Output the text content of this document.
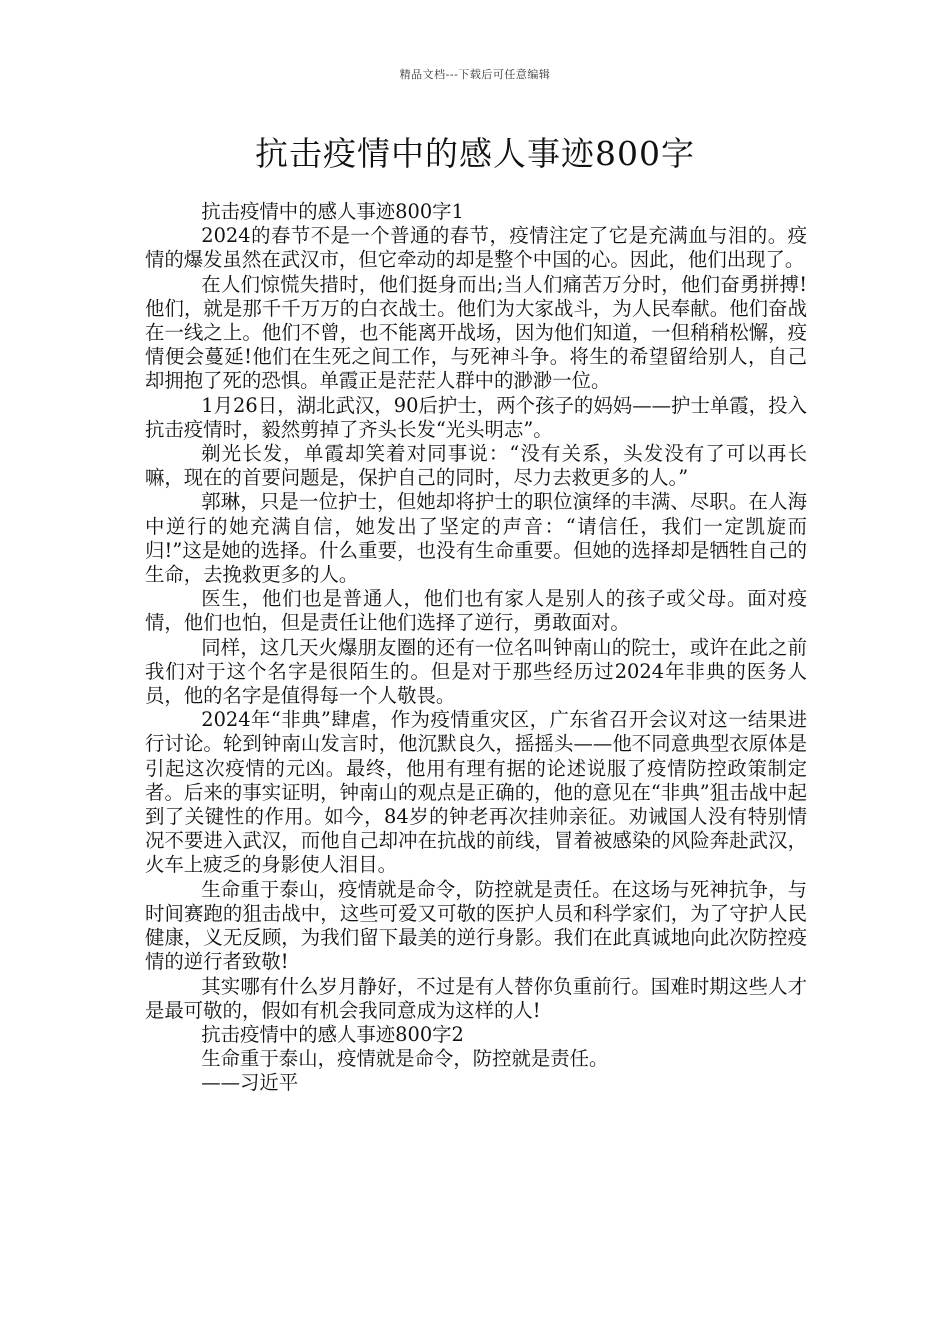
精品文档---下载后可任意编辑
抗击疫情中的感人事迹800字

抗击疫情中的感人事迹800字1

2024的春节不是一个普通的春节，疫情注定了它是充满血与泪的。疫情的爆发虽然在武汉市，但它牵动的却是整个中国的心。因此，他们出现了。

在人们惊慌失措时，他们挺身而出;当人们痛苦万分时，他们奋勇拼搏!他们，就是那千千万万的白衣战士。他们为大家战斗，为人民奉献。他们奋战在一线之上。他们不曾，也不能离开战场，因为他们知道，一但稍稍松懈，疫情便会蔓延!他们在生死之间工作，与死神斗争。将生的希望留给别人，自己却拥抱了死的恐惧。单霞正是茫茫人群中的渺渺一位。

1月26日，湖北武汉，90后护士，两个孩子的妈妈——护士单霞，投入抗击疫情时，毅然剪掉了齐头长发“光头明志”。

剃光长发，单霞却笑着对同事说：“没有关系，头发没有了可以再长嘛，现在的首要问题是，保护自己的同时，尽力去救更多的人。”

郭琳，只是一位护士，但她却将护士的职位演绎的丰满、尽职。在人海中逆行的她充满自信，她发出了坚定的声音：“请信任，我们一定凯旋而归!”这是她的选择。什么重要，也没有生命重要。但她的选择却是牺牲自己的生命，去挽救更多的人。

医生，他们也是普通人，他们也有家人是别人的孩子或父母。面对疫情，他们也怕，但是责任让他们选择了逆行，勇敢面对。

同样，这几天火爆朋友圈的还有一位名叫钟南山的院士，或许在此之前我们对于这个名字是很陌生的。但是对于那些经历过2024年非典的医务人员，他的名字是值得每一个人敬畏。

2024年“非典”肆虐，作为疫情重灾区，广东省召开会议对这一结果进行讨论。轮到钟南山发言时，他沉默良久，摇摇头——他不同意典型衣原体是引起这次疫情的元凶。最终，他用有理有据的论述说服了疫情防控政策制定者。后来的事实证明，钟南山的观点是正确的，他的意见在“非典”狙击战中起到了关键性的作用。如今，84岁的钟老再次挂帅亲征。劝诫国人没有特别情况不要进入武汉，而他自己却冲在抗战的前线，冒着被感染的风险奔赴武汉，火车上疲乏的身影使人泪目。

生命重于泰山，疫情就是命令，防控就是责任。在这场与死神抗争，与时间赛跑的狙击战中，这些可爱又可敬的医护人员和科学家们，为了守护人民健康，义无反顾，为我们留下最美的逆行身影。我们在此真诚地向此次防控疫情的逆行者致敬!

其实哪有什么岁月静好，不过是有人替你负重前行。国难时期这些人才是最可敬的，假如有机会我同意成为这样的人!

抗击疫情中的感人事迹800字2

生命重于泰山，疫情就是命令，防控就是责任。

——习近平
